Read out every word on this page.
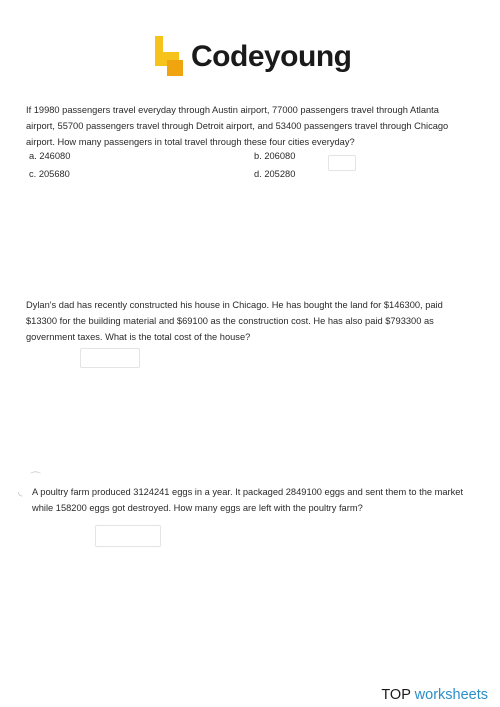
Codeyoung
If 19980 passengers travel everyday through Austin airport, 77000 passengers travel through Atlanta airport, 55700 passengers travel through Detroit airport, and 53400 passengers travel through Chicago airport. How many passengers in total travel through these four cities everyday?
a. 246080	b. 206080
c. 205680	d. 205280
Dylan's dad has recently constructed his house in Chicago. He has bought the land for $146300, paid $13300 for the building material and $69100 as the construction cost. He has also paid $793300 as government taxes. What is the total cost of the house?
⌒
◟ A poultry farm produced 3124241 eggs in a year. It packaged 2849100 eggs and sent them to the market while 158200 eggs got destroyed. How many eggs are left with the poultry farm?
TOP worksheets
